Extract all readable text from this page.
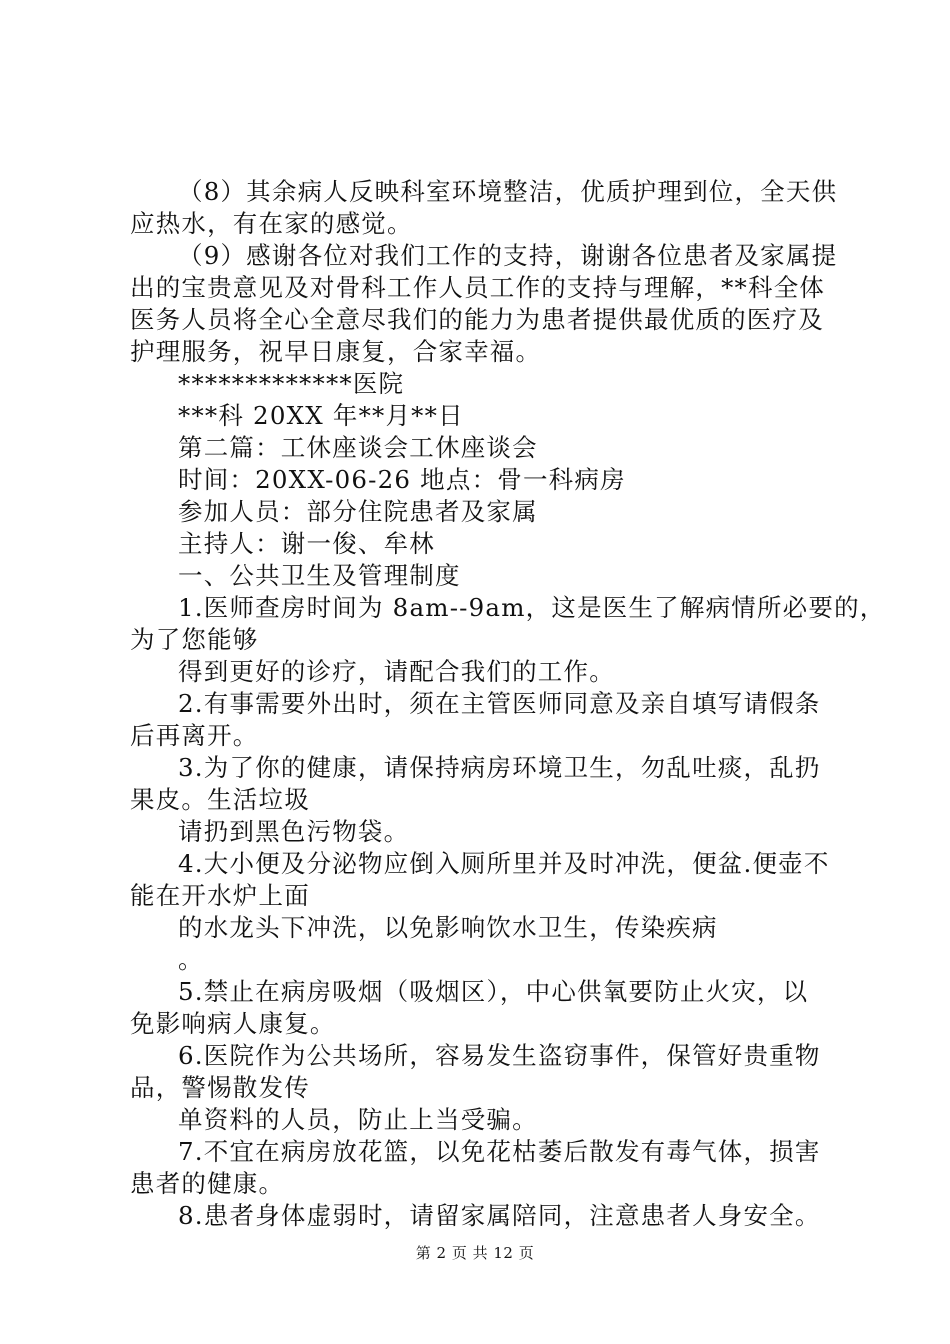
（8）其余病人反映科室环境整洁，优质护理到位，全天供
应热水，有在家的感觉。
（9）感谢各位对我们工作的支持，谢谢各位患者及家属提
出的宝贵意见及对骨科工作人员工作的支持与理解，**科全体
医务人员将全心全意尽我们的能力为患者提供最优质的医疗及
护理服务，祝早日康复，合家幸福。
*************医院
***科 20XX 年**月**日
第二篇：工休座谈会工休座谈会
时间：20XX-06-26 地点：骨一科病房
参加人员：部分住院患者及家属
主持人：谢一俊、牟林
一、公共卫生及管理制度
1.医师查房时间为 8am--9am，这是医生了解病情所必要的，
为了您能够
得到更好的诊疗，请配合我们的工作。
2.有事需要外出时，须在主管医师同意及亲自填写请假条
后再离开。
3.为了你的健康，请保持病房环境卫生，勿乱吐痰，乱扔
果皮。生活垃圾
请扔到黑色污物袋。
4.大小便及分泌物应倒入厕所里并及时冲洗，便盆.便壶不
能在开水炉上面
的水龙头下冲洗，以免影响饮水卫生，传染疾病
。
5.禁止在病房吸烟（吸烟区），中心供氧要防止火灾，以
免影响病人康复。
6.医院作为公共场所，容易发生盗窃事件，保管好贵重物
品，警惕散发传
单资料的人员，防止上当受骗。
7.不宜在病房放花篮，以免花枯萎后散发有毒气体，损害
患者的健康。
8.患者身体虚弱时，请留家属陪同，注意患者人身安全。
第 2 页 共 12 页
